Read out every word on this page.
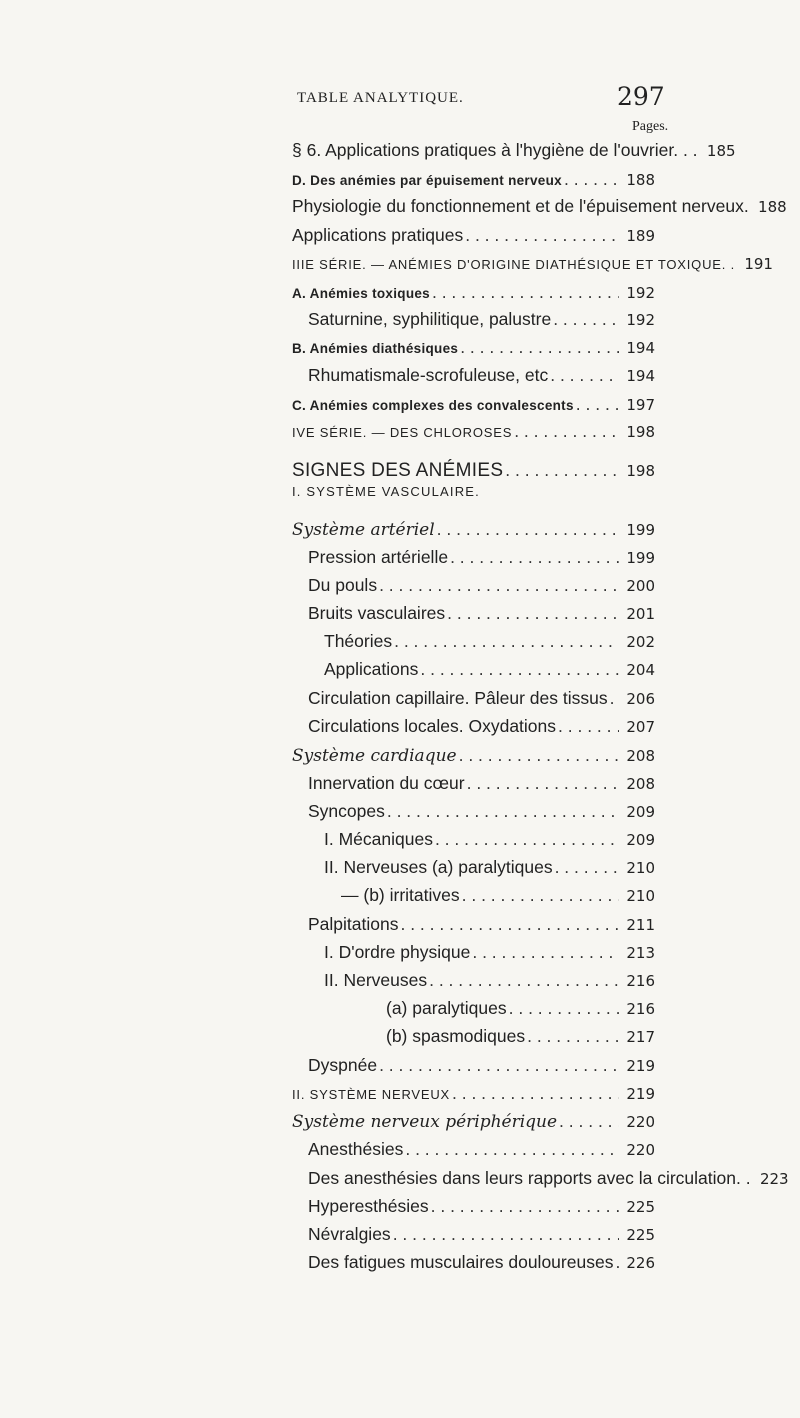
TABLE ANALYTIQUE.	297
Pages.
I. SYSTÈME VASCULAIRE.
§ 6. Applications pratiques à l'hygiène de l'ouvrier. . . 185
D. Des anémies par épuisement nerveux . . .	188
Physiologie du fonctionnement et de l'épuisement nerveux. 188
Applications pratiques . . .	189
IIIE SÉRIE. — ANÉMIES D'ORIGINE DIATHÉSIQUE ET TOXIQUE. . 191
A. Anémies toxiques . . .	192
Saturnine, syphilitique, palustre . . .	192
B. Anémies diathésiques . . .	194
Rhumatismale-scrofuleuse, etc . . .	194
C. Anémies complexes des convalescents . . .	197
IVE SÉRIE. — DES CHLOROSES . . .	198
SIGNES DES ANÉMIES . . .	198
Système artériel . . .	199
Pression artérielle . . .	199
Du pouls . . .	200
Bruits vasculaires . . .	201
Théories . . .	202
Applications . . .	204
Circulation capillaire. Pâleur des tissus . . .	206
Circulations locales. Oxydations . . .	207
Système cardiaque . . .	208
Innervation du cœur . . .	208
Syncopes . . .	209
I. Mécaniques . . .	209
II. Nerveuses (a) paralytiques . . .	210
— (b) irritatives . . .	210
Palpitations . . .	211
I. D'ordre physique . . .	213
II. Nerveuses . . .	216
(a) paralytiques . . .	216
(b) spasmodiques . . .	217
Dyspnée . . .	219
II. SYSTÈME NERVEUX . . .	219
Système nerveux périphérique . . .	220
Anesthésies . . .	220
Des anesthésies dans leurs rapports avec la circulation. . 223
Hyperesthésies . . .	225
Névralgies . . .	225
Des fatigues musculaires douloureuses . . . 226
